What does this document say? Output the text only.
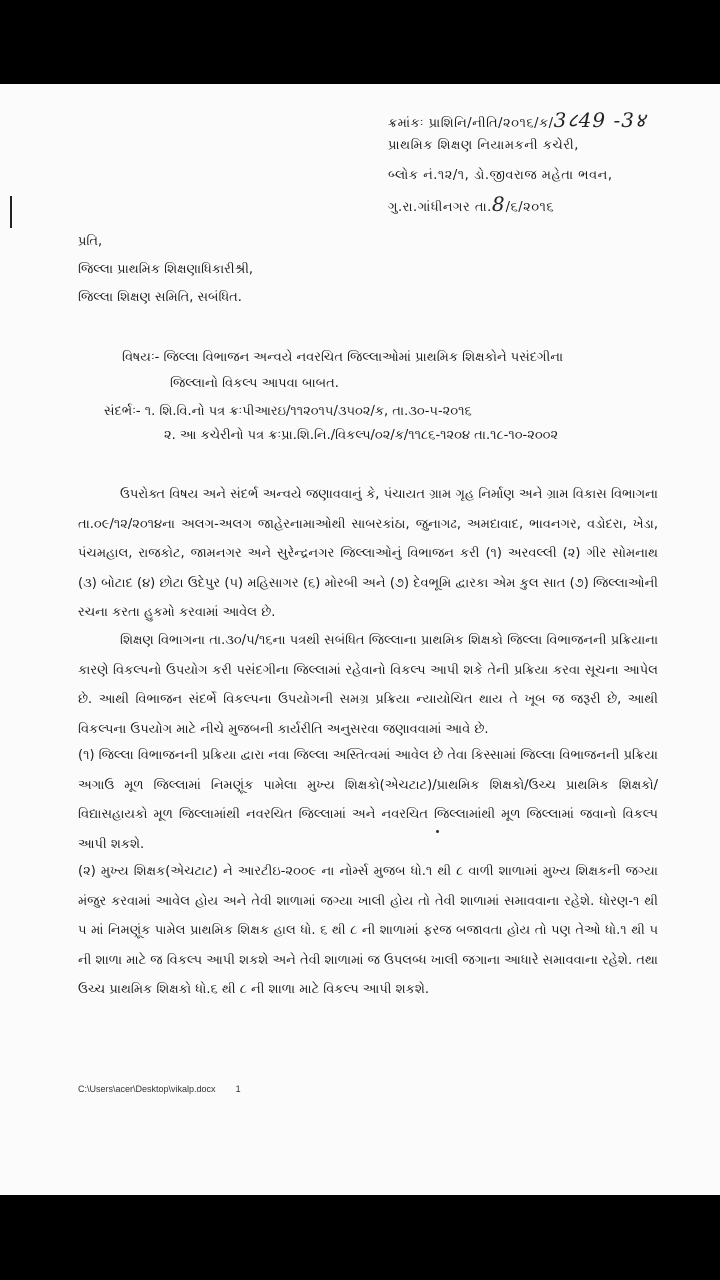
ક્રમાંકઃ પ્રાશિનિ/નીતિ/૨૦૧૬/ક/3८49 -3४
પ્રાથમિક શિક્ષણ નિયામકની કચેરી,
બ્લોક નં.૧૨/૧, ડો.જીવરાજ મહેતા ભવન,
ગુ.રા.ગાંધીનગર તા.8/૬/૨૦૧૬
પ્રતિ,
જિલ્લા પ્રાથમિક શિક્ષણાધિકારીશ્રી,
જિલ્લા શિક્ષણ સમિતિ, સબંધિત.
વિષયઃ- જિલ્લા વિભાજન અન્વયે નવરચિત જિલ્લાઓમાં પ્રાથમિક શિક્ષકોને પસંદગીના
જિલ્લાનો વિકલ્પ આપવા બાબત.
સંદર્ભઃ- ૧. શિ.વિ.નો પત્ર ક્રઃપીઆરઇ/૧૧૨૦૧૫/૩૫૦૨/ક, તા.૩૦-૫-૨૦૧૬
૨. આ કચેરીનો પત્ર ક્રઃપ્રા.શિ.નિ./વિકલ્પ/૦૨/ક/૧૧૮૬-૧૨૦૪ તા.૧૮-૧૦-૨૦૦૨
ઉપરોક્ત વિષય અને સંદર્ભ અન્વયે જણાવવાનું કે, પંચાયત ગ્રામ ગૃહ નિર્માણ અને ગ્રામ વિકાસ વિભાગના તા.૦૯/૧૨/૨૦૧૪ના અલગ-અલગ જાહેરનામાઓથી સાબરકાંઠા, જુનાગઢ, અમદાવાદ, ભાવનગર, વડોદરા, ખેડા, પંચમહાલ, રાજકોટ, જામનગર અને સુરેન્દ્રનગર જિલ્લાઓનું વિભાજન કરી (૧) અરવલ્લી (૨) ગીર સોમનાથ (૩) બોટાદ (૪) છોટા ઉદેપુર (૫) મહિસાગર (૬) મોરબી અને (૭) દેવભૂમિ દ્વારકા એમ કુલ સાત (૭) જિલ્લાઓની રચના કરતા હુકમો કરવામાં આવેલ છે.
શિક્ષણ વિભાગના તા.૩૦/૫/૧૬ના પત્રથી સબંધિત જિલ્લાના પ્રાથમિક શિક્ષકો જિલ્લા વિભાજનની પ્રક્રિયાના કારણે વિકલ્પનો ઉપયોગ કરી પસંદગીના જિલ્લામાં રહેવાનો વિકલ્પ આપી શકે તેની પ્રક્રિયા કરવા સૂચના આપેલ છે. આથી વિભાજન સંદર્ભે વિકલ્પના ઉપયોગની સમગ્ર પ્રક્રિયા ન્યાયોચિત થાય તે ખૂબ જ જરૂરી છે, આથી વિકલ્પના ઉપયોગ માટે નીચે મુજબની કાર્યરીતિ અનુસરવા જણાવવામાં આવે છે.
(૧) જિલ્લા વિભાજનની પ્રક્રિયા દ્વારા નવા જિલ્લા અસ્તિત્વમાં આવેલ છે તેવા કિસ્સામાં જિલ્લા વિભાજનની પ્રક્રિયા અગાઉ મૂળ જિલ્લામાં નિમણૂંક પામેલા મુખ્ય શિક્ષકો(એચટાટ)/પ્રાથમિક શિક્ષકો/ઉચ્ચ પ્રાથમિક શિક્ષકો/વિદ્યાસહાયકો મૂળ જિલ્લામાંથી નવરચિત જિલ્લામાં અને નવરચિત જિલ્લામાંથી મૂળ જિલ્લામાં જવાનો વિકલ્પ આપી શકશે.
(૨) મુખ્ય શિક્ષક(એચટાટ) ને આરટીઇ-૨૦૦૯ ના નોર્મ્સ મુજબ ધો.૧ થી ૮ વાળી શાળામાં મુખ્ય શિક્ષકની જગ્યા મંજુર કરવામાં આવેલ હોય અને તેવી શાળામાં જગ્યા ખાલી હોય તો તેવી શાળામાં સમાવવાના રહેશે. ધોરણ-૧ થી ૫ માં નિમણૂંક પામેલ પ્રાથમિક શિક્ષક હાલ ધો. ૬ થી ૮ ની શાળામાં ફરજ બજાવતા હોય તો પણ તેઓ ધો.૧ થી ૫ ની શાળા માટે જ વિકલ્પ આપી શકશે અને તેવી શાળામાં જ ઉપલબ્ધ ખાલી જગાના આધારે સમાવવાના રહેશે. તથા ઉચ્ચ પ્રાથમિક શિક્ષકો ધો.૬ થી ૮ ની શાળા માટે વિકલ્પ આપી શકશે.
C:\Users\acer\Desktop\vikalp.docx 1
